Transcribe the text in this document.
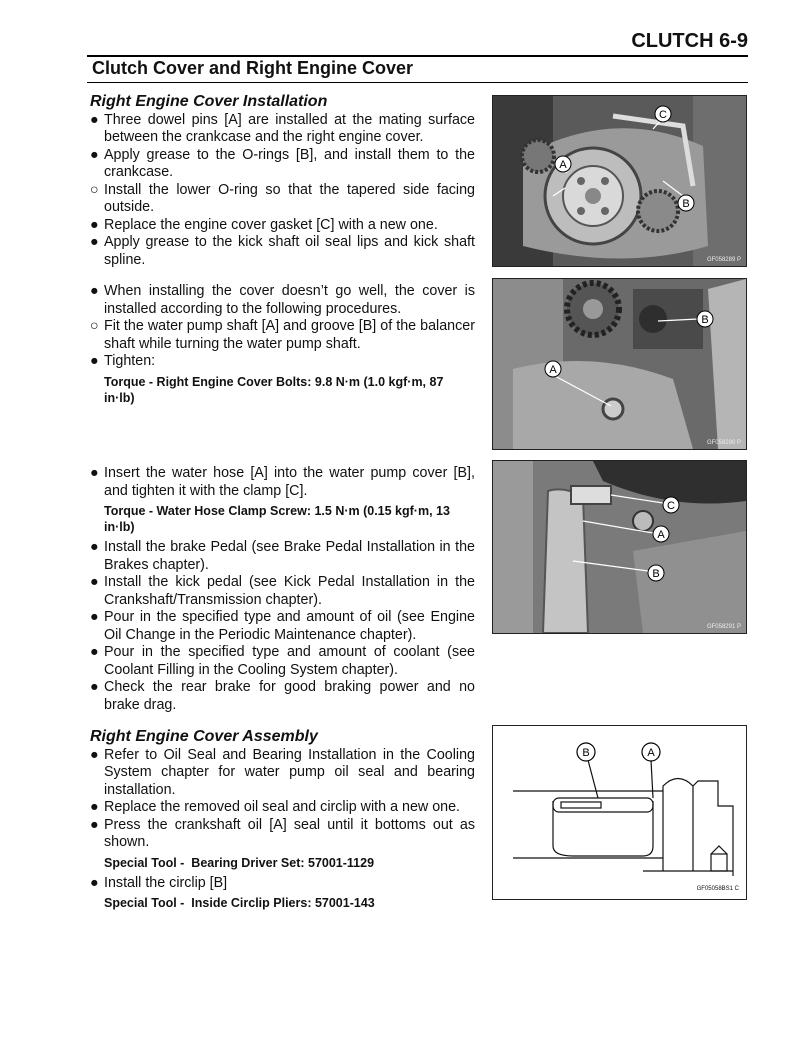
CLUTCH 6-9
Clutch Cover and Right Engine Cover
Right Engine Cover Installation
● Three dowel pins [A] are installed at the mating surface between the crankcase and the right engine cover.
● Apply grease to the O-rings [B], and install them to the crankcase.
○ Install the lower O-ring so that the tapered side facing outside.
● Replace the engine cover gasket [C] with a new one.
● Apply grease to the kick shaft oil seal lips and kick shaft spline.
● When installing the cover doesn’t go well, the cover is installed according to the following procedures.
○ Fit the water pump shaft [A] and groove [B] of the balancer shaft while turning the water pump shaft.
● Tighten:
Torque - Right Engine Cover Bolts: 9.8 N·m (1.0 kgf·m, 87 in·lb)
● Insert the water hose [A] into the water pump cover [B], and tighten it with the clamp [C].
Torque - Water Hose Clamp Screw: 1.5 N·m (0.15 kgf·m, 13 in·lb)
● Install the brake Pedal (see Brake Pedal Installation in the Brakes chapter).
● Install the kick pedal (see Kick Pedal Installation in the Crankshaft/Transmission chapter).
● Pour in the specified type and amount of oil (see Engine Oil Change in the Periodic Maintenance chapter).
● Pour in the specified type and amount of coolant (see Coolant Filling in the Cooling System chapter).
● Check the rear brake for good braking power and no brake drag.
Right Engine Cover Assembly
● Refer to Oil Seal and Bearing Installation in the Cooling System chapter for water pump oil seal and bearing installation.
● Replace the removed oil seal and circlip with a new one.
● Press the crankshaft oil [A] seal until it bottoms out as shown.
Special Tool - Bearing Driver Set: 57001-1129
● Install the circlip [B]
Special Tool - Inside Circlip Pliers: 57001-143
C
A
B
GF058289 P
B
A
GF058290 P
C
A
B
GF058291 P
B	A
GF05058BS1 C
